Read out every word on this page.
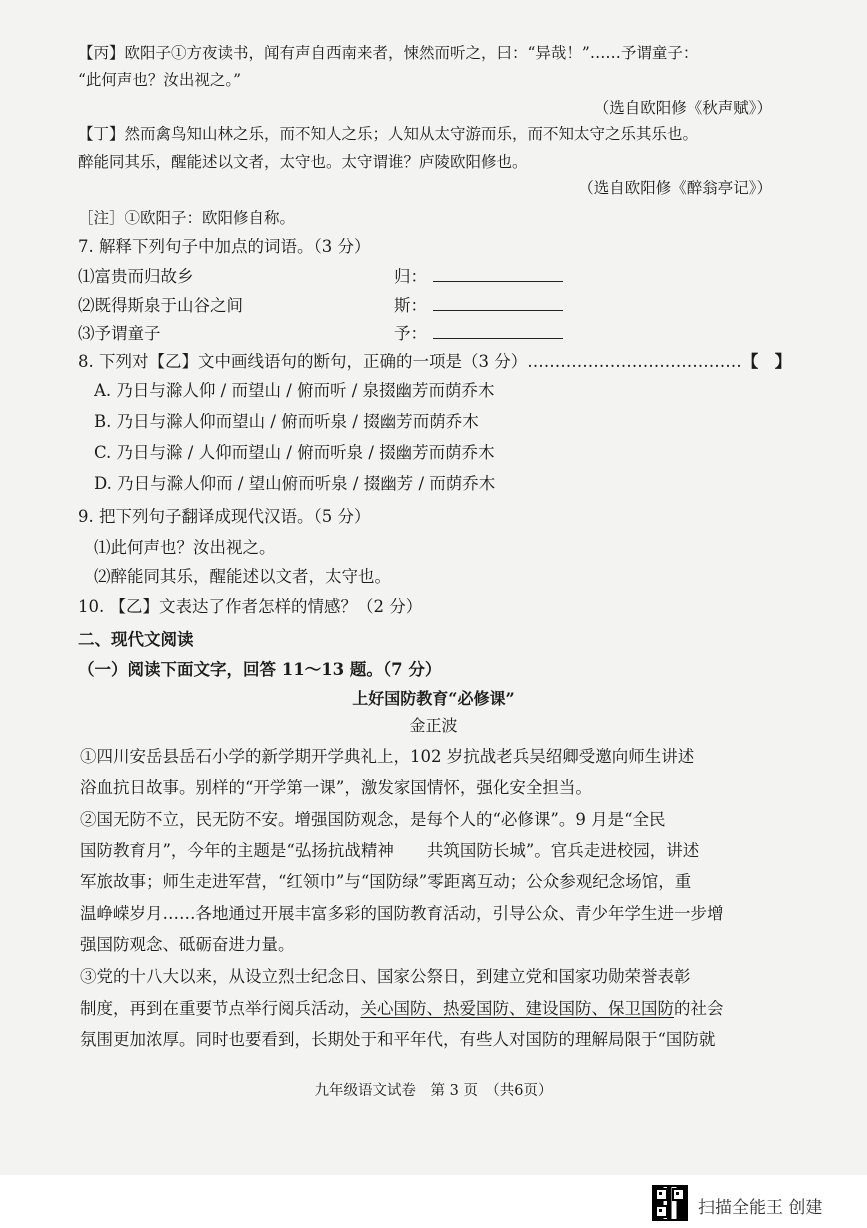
【丙】欧阳子①方夜读书，闻有声自西南来者，悚然而听之，曰：“异哉！”……予谓童子：
“此何声也？汝出视之。”
（选自欧阳修《秋声赋》）
【丁】然而禽鸟知山林之乐，而不知人之乐；人知从太守游而乐，而不知太守之乐其乐也。
醉能同其乐，醒能述以文者，太守也。太守谓谁？庐陵欧阳修也。
（选自欧阳修《醉翁亭记》）
［注］①欧阳子：欧阳修自称。
7. 解释下列句子中加点的词语。（3 分）
⑴富贵而归故乡	归：
⑵既得斯泉于山谷之间	斯：
⑶予谓童子	予：
8. 下列对【乙】文中画线语句的断句，正确的一项是（3 分）…………………………………【　】
A. 乃日与滁人仰 / 而望山 / 俯而听 / 泉掇幽芳而荫乔木
B. 乃日与滁人仰而望山 / 俯而听泉 / 掇幽芳而荫乔木
C. 乃日与滁 / 人仰而望山 / 俯而听泉 / 掇幽芳而荫乔木
D. 乃日与滁人仰而 / 望山俯而听泉 / 掇幽芳 / 而荫乔木
9. 把下列句子翻译成现代汉语。（5 分）
⑴此何声也？汝出视之。
⑵醉能同其乐，醒能述以文者，太守也。
10. 【乙】文表达了作者怎样的情感？（2 分）
二、现代文阅读
（一）阅读下面文字，回答 11～13 题。（7 分）
上好国防教育“必修课”
金正波
①四川安岳县岳石小学的新学期开学典礼上，102 岁抗战老兵吴绍卿受邀向师生讲述
浴血抗日故事。别样的“开学第一课”，激发家国情怀，强化安全担当。
②国无防不立，民无防不安。增强国防观念，是每个人的“必修课”。9 月是“全民
国防教育月”，今年的主题是“弘扬抗战精神　　共筑国防长城”。官兵走进校园，讲述
军旅故事；师生走进军营，“红领巾”与“国防绿”零距离互动；公众参观纪念场馆，重
温峥嵘岁月……各地通过开展丰富多彩的国防教育活动，引导公众、青少年学生进一步增
强国防观念、砥砺奋进力量。
③党的十八大以来，从设立烈士纪念日、国家公祭日，到建立党和国家功勋荣誉表彰
制度，再到在重要节点举行阅兵活动，关心国防、热爱国防、建设国防、保卫国防的社会
氛围更加浓厚。同时也要看到，长期处于和平年代，有些人对国防的理解局限于“国防就
九年级语文试卷　第 3 页　（共6页）
扫描全能王 创建
